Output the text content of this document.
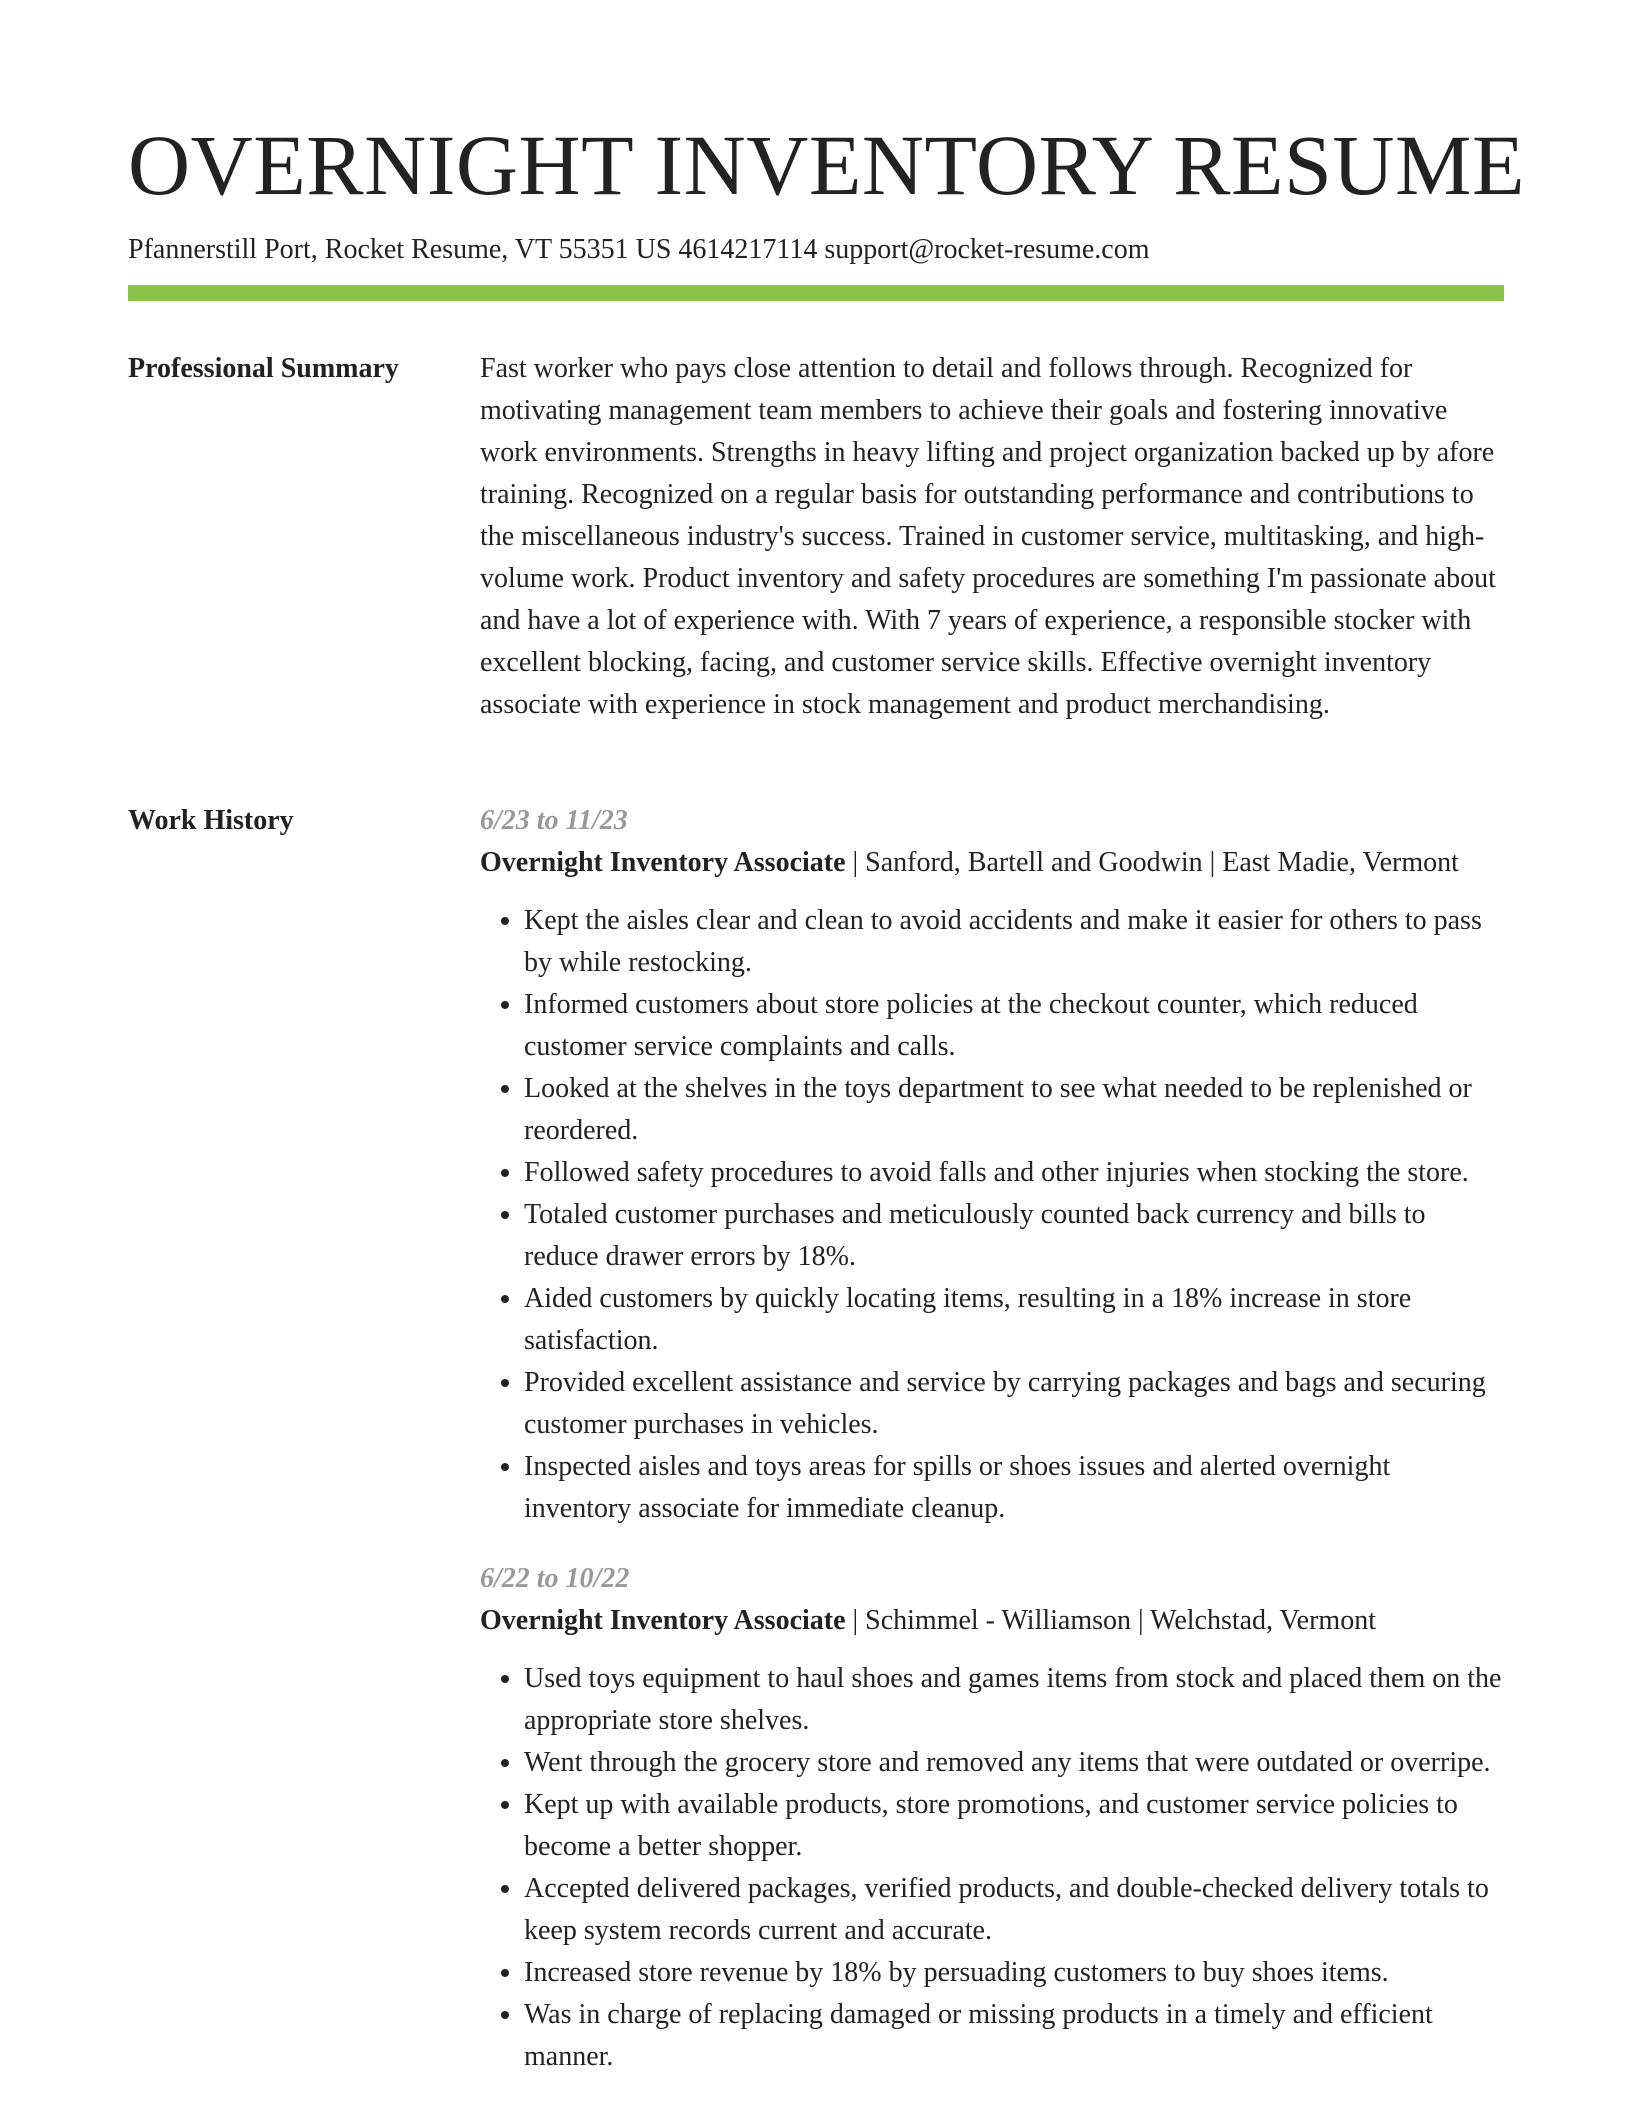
OVERNIGHT INVENTORY RESUME
Pfannerstill Port, Rocket Resume, VT 55351 US 4614217114 support@rocket-resume.com
Professional Summary	Fast worker who pays close attention to detail and follows through. Recognized for motivating management team members to achieve their goals and fostering innovative work environments. Strengths in heavy lifting and project organization backed up by afore training. Recognized on a regular basis for outstanding performance and contributions to the miscellaneous industry's success. Trained in customer service, multitasking, and high-volume work. Product inventory and safety procedures are something I'm passionate about and have a lot of experience with. With 7 years of experience, a responsible stocker with excellent blocking, facing, and customer service skills. Effective overnight inventory associate with experience in stock management and product merchandising.

Work History	6/23 to 11/23
Overnight Inventory Associate | Sanford, Bartell and Goodwin | East Madie, Vermont
• Kept the aisles clear and clean to avoid accidents and make it easier for others to pass by while restocking.
• Informed customers about store policies at the checkout counter, which reduced customer service complaints and calls.
• Looked at the shelves in the toys department to see what needed to be replenished or reordered.
• Followed safety procedures to avoid falls and other injuries when stocking the store.
• Totaled customer purchases and meticulously counted back currency and bills to reduce drawer errors by 18%.
• Aided customers by quickly locating items, resulting in a 18% increase in store satisfaction.
• Provided excellent assistance and service by carrying packages and bags and securing customer purchases in vehicles.
• Inspected aisles and toys areas for spills or shoes issues and alerted overnight inventory associate for immediate cleanup.
6/22 to 10/22
Overnight Inventory Associate | Schimmel - Williamson | Welchstad, Vermont
• Used toys equipment to haul shoes and games items from stock and placed them on the appropriate store shelves.
• Went through the grocery store and removed any items that were outdated or overripe.
• Kept up with available products, store promotions, and customer service policies to become a better shopper.
• Accepted delivered packages, verified products, and double-checked delivery totals to keep system records current and accurate.
• Increased store revenue by 18% by persuading customers to buy shoes items.
• Was in charge of replacing damaged or missing products in a timely and efficient manner.
